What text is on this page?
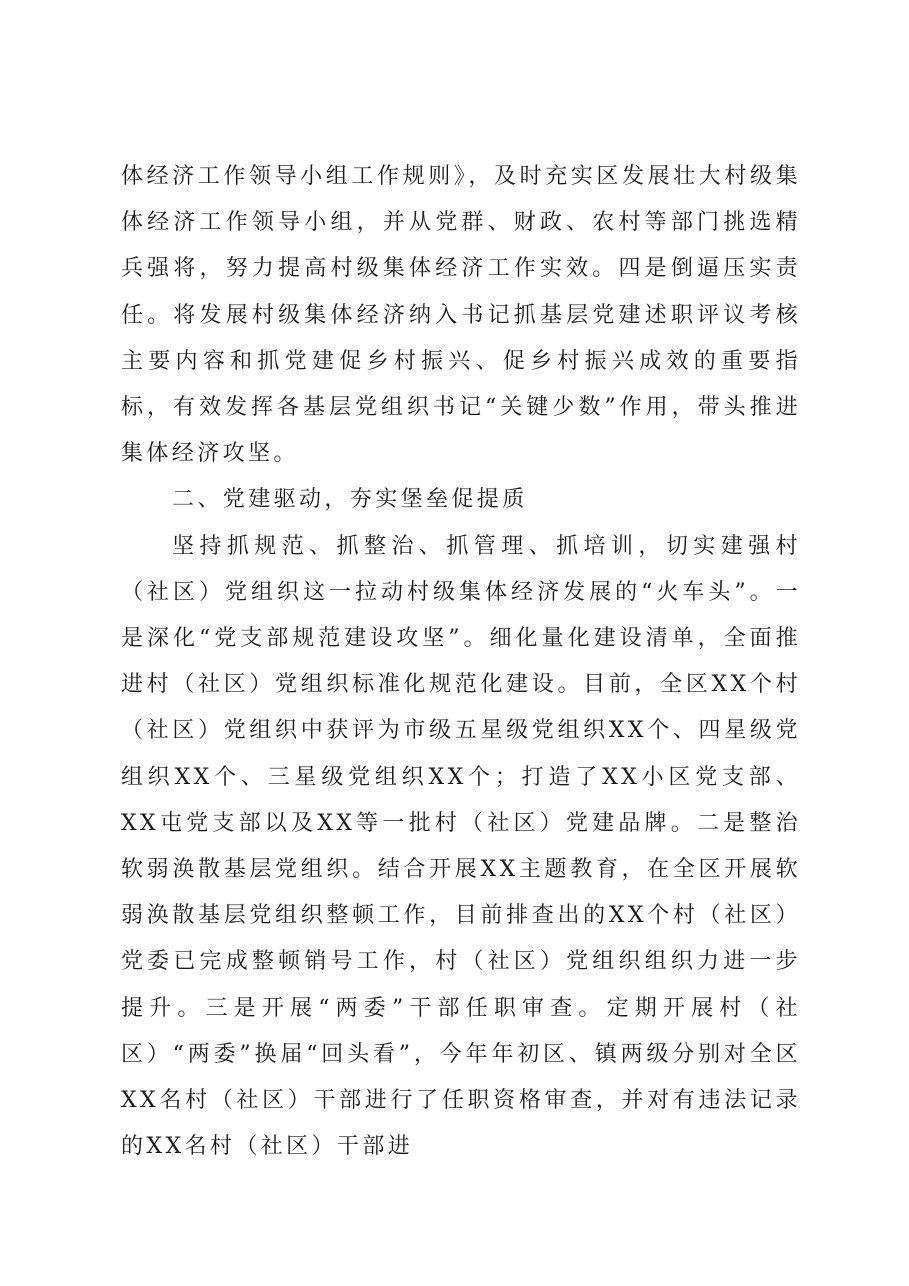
体经济工作领导小组工作规则》，及时充实区发展壮大村级集体经济工作领导小组，并从党群、财政、农村等部门挑选精兵强将，努力提高村级集体经济工作实效。四是倒逼压实责任。将发展村级集体经济纳入书记抓基层党建述职评议考核主要内容和抓党建促乡村振兴、促乡村振兴成效的重要指标，有效发挥各基层党组织书记“关键少数”作用，带头推进集体经济攻坚。

二、党建驱动，夯实堡垒促提质

坚持抓规范、抓整治、抓管理、抓培训，切实建强村（社区）党组织这一拉动村级集体经济发展的“火车头”。一是深化“党支部规范建设攻坚”。细化量化建设清单，全面推进村（社区）党组织标准化规范化建设。目前，全区XX个村（社区）党组织中获评为市级五星级党组织XX个、四星级党组织XX个、三星级党组织XX个；打造了XX小区党支部、XX屯党支部以及XX等一批村（社区）党建品牌。二是整治软弱涣散基层党组织。结合开展XX主题教育，在全区开展软弱涣散基层党组织整顿工作，目前排查出的XX个村（社区）党委已完成整顿销号工作，村（社区）党组织组织力进一步提升。三是开展“两委”干部任职审查。定期开展村（社区）“两委”换届“回头看”，今年年初区、镇两级分别对全区XX名村（社区）干部进行了任职资格审查，并对有违法记录的XX名村（社区）干部进
